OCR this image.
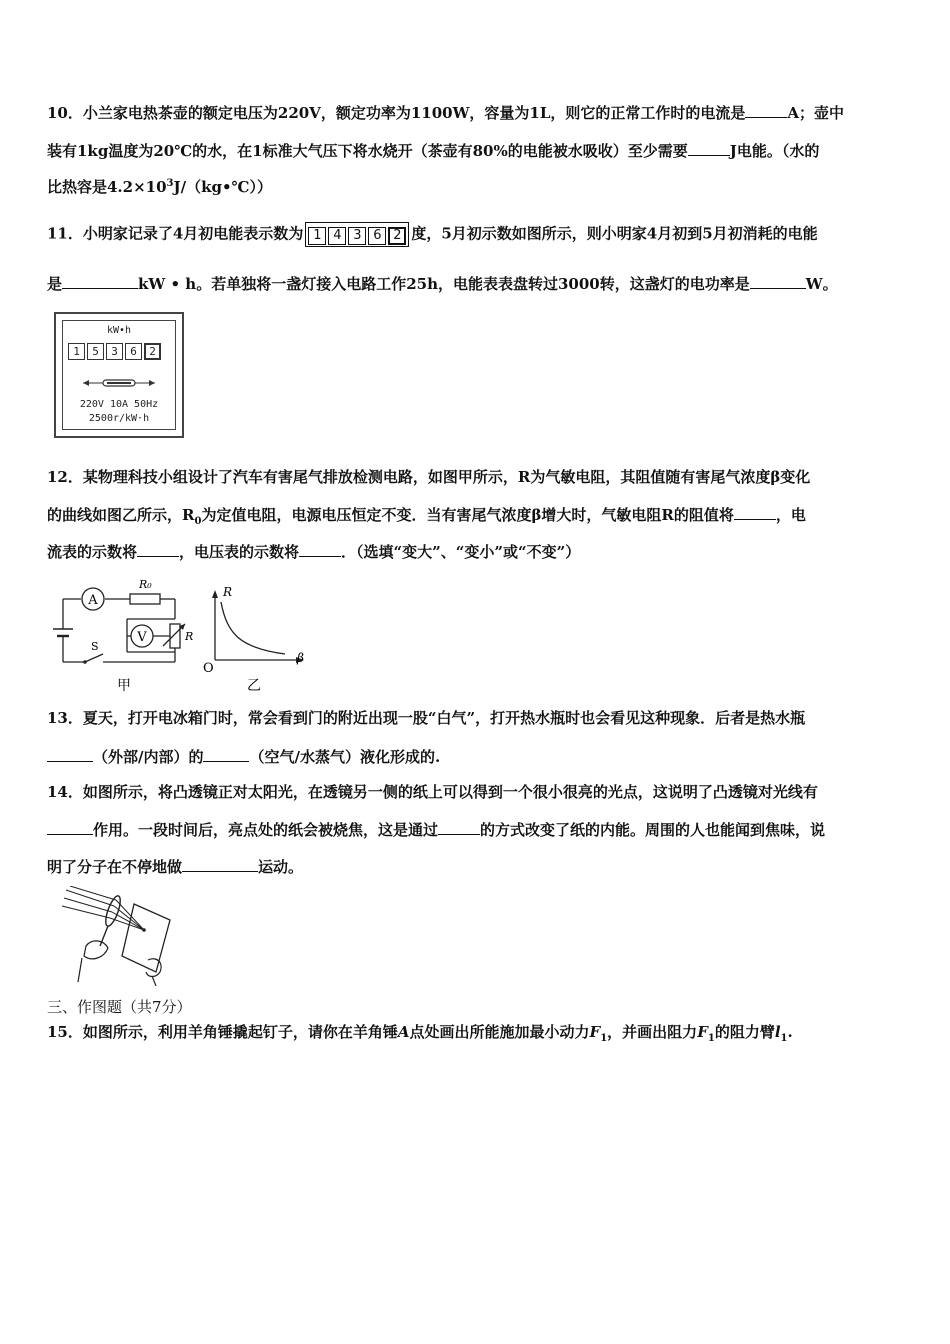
10．小兰家电热茶壶的额定电压为220V，额定功率为1100W，容量为1L，则它的正常工作时的电流是	A；壶中
装有1kg温度为20℃的水，在1标准大气压下将水烧开（茶壶有80%的电能被水吸收）至少需要	J电能。（水的
比热容是$4.2\times 10^3J/(kg•℃)$）
11．小明家记录了4月初电能表示数为 1 4 3 6 2 度，5月初示数如图所示，则小明家4月初到5月初消耗的电能
是	kW • h。若单独将一盏灯接入电路工作25h，电能表表盘转过3000转，这盏灯的电功率是	W。
kW•h
1 5 3 6 2
220V 10A 50Hz
2500r/kW·h
12．某物理科技小组设计了汽车有害尾气排放检测电路，如图甲所示，R为气敏电阻，其阻值随有害尾气浓度β变化
的曲线如图乙所示，$R_0$为定值电阻，电源电压恒定不变．当有害尾气浓度β增大时，气敏电阻R的阻值将	，电
流表的示数将	，电压表的示数将	．（选填“变大”、“变小”或“不变”）
A
V
R₀
R
S
甲
R
β
O
乙
13．夏天，打开电冰箱门时，常会看到门的附近出现一股“白气”，打开热水瓶时也会看见这种现象．后者是热水瓶
（外部/内部）的	（空气/水蒸气）液化形成的.
14．如图所示，将凸透镜正对太阳光，在透镜另一侧的纸上可以得到一个很小很亮的光点，这说明了凸透镜对光线有
作用。一段时间后，亮点处的纸会被烧焦，这是通过	的方式改变了纸的内能。周围的人也能闻到焦味，说
明了分子在不停地做	运动。
三、作图题（共7分）
15．如图所示，利用羊角锤撬起钉子，请你在羊角锤A点处画出所能施加最小动力$F_1$，并画出阻力$F_1$的阻力臂$l_1$.
